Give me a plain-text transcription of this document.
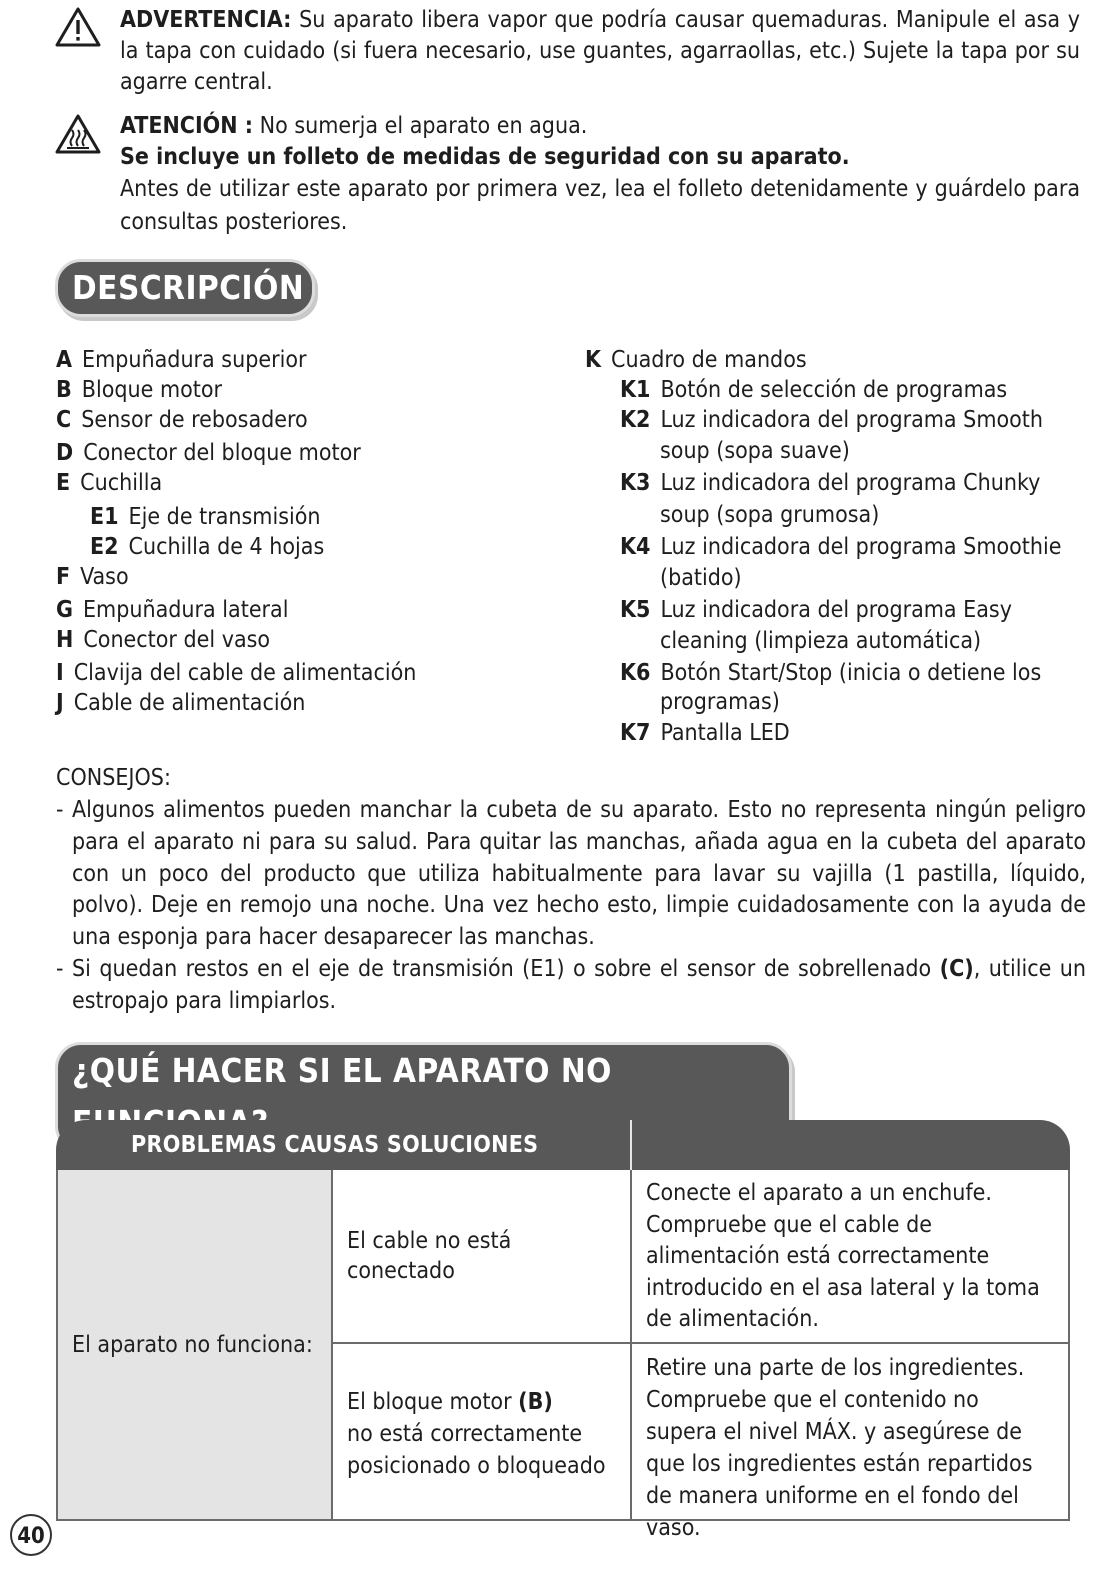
ADVERTENCIA: Su aparato libera vapor que podría causar quemaduras. Manipule el asa y la tapa con cuidado (si fuera necesario, use guantes, agarraollas, etc.) Sujete la tapa por su agarre central.
ATENCIÓN : No sumerja el aparato en agua.
Se incluye un folleto de medidas de seguridad con su aparato.
Antes de utilizar este aparato por primera vez, lea el folleto detenidamente y guárdelo para consultas posteriores.
DESCRIPCIÓN
A Empuñadura superior
B Bloque motor
C Sensor de rebosadero
D Conector del bloque motor
E Cuchilla
E1 Eje de transmisión
E2 Cuchilla de 4 hojas
F Vaso
G Empuñadura lateral
H Conector del vaso
I Clavija del cable de alimentación
J Cable de alimentación
K Cuadro de mandos
K1 Botón de selección de programas
K2 Luz indicadora del programa Smooth
soup (sopa suave)
K3 Luz indicadora del programa Chunky
soup (sopa grumosa)
K4 Luz indicadora del programa Smoothie
(batido)
K5 Luz indicadora del programa Easy
cleaning (limpieza automática)
K6 Botón Start/Stop (inicia o detiene los
programas)
K7 Pantalla LED
CONSEJOS:
- Algunos alimentos pueden manchar la cubeta de su aparato. Esto no representa ningún peligro para el aparato ni para su salud. Para quitar las manchas, añada agua en la cubeta del aparato con un poco del producto que utiliza habitualmente para lavar su vajilla (1 pastilla, líquido, polvo). Deje en remojo una noche. Una vez hecho esto, limpie cuidadosamente con la ayuda de una esponja para hacer desaparecer las manchas.
- Si quedan restos en el eje de transmisión (E1) o sobre el sensor de sobrellenado (C), utilice un estropajo para limpiarlos.
¿QUÉ HACER SI EL APARATO NO
PROBLEMAS CAUSAS SOLUCIONES
El aparato no funciona:
El cable no está conectado
Conecte el aparato a un enchufe. Compruebe que el cable de alimentación está correctamente introducido en el asa lateral y la toma de alimentación.
El bloque motor (B)
no está correctamente posicionado o bloqueado
Retire una parte de los ingredientes. Compruebe que el contenido no supera el nivel MÁX. y asegúrese de que los ingredientes están repartidos de manera uniforme en el fondo del vaso.
40
